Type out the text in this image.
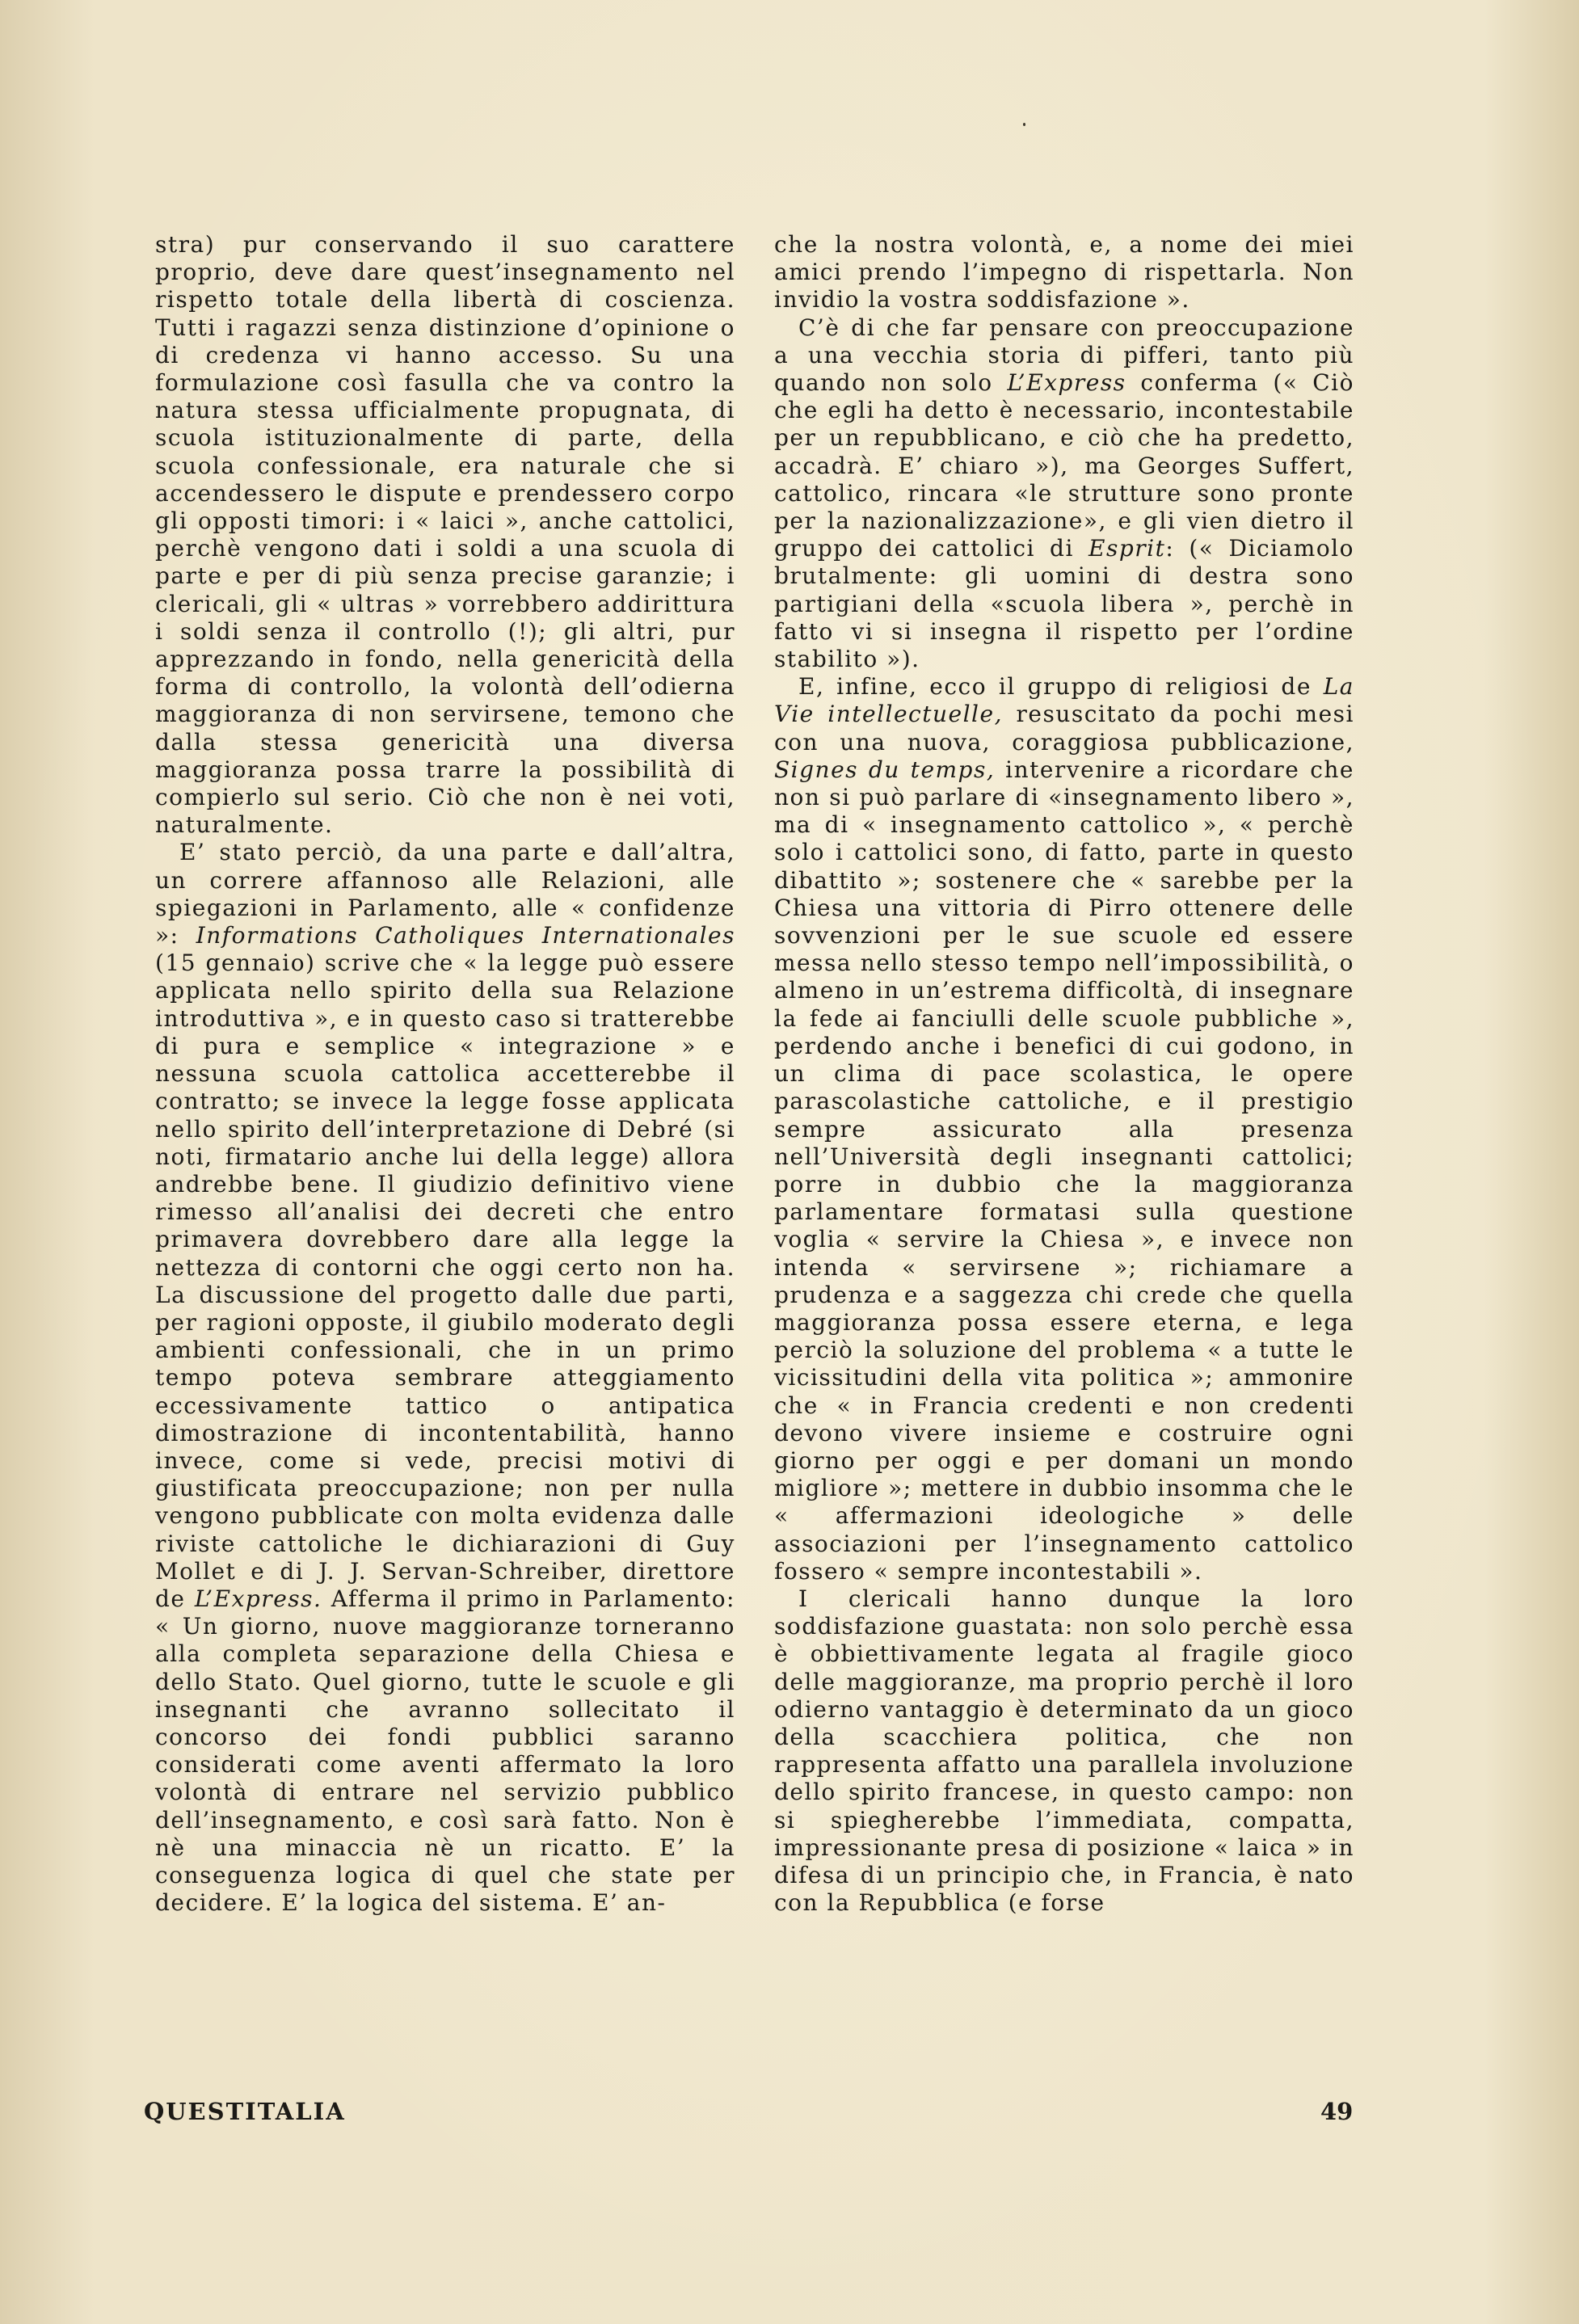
stra) pur conservando il suo carattere proprio, deve dare quest’insegnamento nel rispetto totale della libertà di coscienza. Tutti i ragazzi senza distinzione d’opinione o di credenza vi hanno accesso. Su una formulazione così fasulla che va contro la natura stessa ufficialmente propugnata, di scuola istituzionalmente di parte, della scuola confessionale, era naturale che si accendessero le dispute e prendessero corpo gli opposti timori: i « laici », anche cattolici, perchè vengono dati i soldi a una scuola di parte e per di più senza precise garanzie; i clericali, gli « ultras » vorrebbero addirittura i soldi senza il controllo (!); gli altri, pur apprezzando in fondo, nella genericità della forma di controllo, la volontà dell’odierna maggioranza di non servirsene, temono che dalla stessa genericità una diversa maggioranza possa trarre la possibilità di compierlo sul serio. Ciò che non è nei voti, naturalmente.

E’ stato perciò, da una parte e dall’altra, un correre affannoso alle Relazioni, alle spiegazioni in Parlamento, alle « confidenze »: Informations Catholiques Internationales (15 gennaio) scrive che « la legge può essere applicata nello spirito della sua Relazione introduttiva », e in questo caso si tratterebbe di pura e semplice « integrazione » e nessuna scuola cattolica accetterebbe il contratto; se invece la legge fosse applicata nello spirito dell’interpretazione di Debré (si noti, firmatario anche lui della legge) allora andrebbe bene. Il giudizio definitivo viene rimesso all’analisi dei decreti che entro primavera dovrebbero dare alla legge la nettezza di contorni che oggi certo non ha. La discussione del progetto dalle due parti, per ragioni opposte, il giubilo moderato degli ambienti confessionali, che in un primo tempo poteva sembrare atteggiamento eccessivamente tattico o antipatica dimostrazione di incontentabilità, hanno invece, come si vede, precisi motivi di giustificata preoccupazione; non per nulla vengono pubblicate con molta evidenza dalle riviste cattoliche le dichiarazioni di Guy Mollet e di J. J. Servan-Schreiber, direttore de L’Express. Afferma il primo in Parlamento: « Un giorno, nuove maggioranze torneranno alla completa separazione della Chiesa e dello Stato. Quel giorno, tutte le scuole e gli insegnanti che avranno sollecitato il concorso dei fondi pubblici saranno considerati come aventi affermato la loro volontà di entrare nel servizio pubblico dell’insegnamento, e così sarà fatto. Non è nè una minaccia nè un ricatto. E’ la conseguenza logica di quel che state per decidere. E’ la logica del sistema. E’ an-

che la nostra volontà, e, a nome dei miei amici prendo l’impegno di rispettarla. Non invidio la vostra soddisfazione ».

C’è di che far pensare con preoccupazione a una vecchia storia di pifferi, tanto più quando non solo L’Express conferma (« Ciò che egli ha detto è necessario, incontestabile per un repubblicano, e ciò che ha predetto, accadrà. E’ chiaro »), ma Georges Suffert, cattolico, rincara «le strutture sono pronte per la nazionalizzazione», e gli vien dietro il gruppo dei cattolici di Esprit: (« Diciamolo brutalmente: gli uomini di destra sono partigiani della «scuola libera », perchè in fatto vi si insegna il rispetto per l’ordine stabilito »).

E, infine, ecco il gruppo di religiosi de La Vie intellectuelle, resuscitato da pochi mesi con una nuova, coraggiosa pubblicazione, Signes du temps, intervenire a ricordare che non si può parlare di «insegnamento libero », ma di « insegnamento cattolico », « perchè solo i cattolici sono, di fatto, parte in questo dibattito »; sostenere che « sarebbe per la Chiesa una vittoria di Pirro ottenere delle sovvenzioni per le sue scuole ed essere messa nello stesso tempo nell’impossibilità, o almeno in un’estrema difficoltà, di insegnare la fede ai fanciulli delle scuole pubbliche », perdendo anche i benefici di cui godono, in un clima di pace scolastica, le opere parascolastiche cattoliche, e il prestigio sempre assicurato alla presenza nell’Università degli insegnanti cattolici; porre in dubbio che la maggioranza parlamentare formatasi sulla questione voglia « servire la Chiesa », e invece non intenda « servirsene »; richiamare a prudenza e a saggezza chi crede che quella maggioranza possa essere eterna, e lega perciò la soluzione del problema « a tutte le vicissitudini della vita politica »; ammonire che « in Francia credenti e non credenti devono vivere insieme e costruire ogni giorno per oggi e per domani un mondo migliore »; mettere in dubbio insomma che le « affermazioni ideologiche » delle associazioni per l’insegnamento cattolico fossero « sempre incontestabili ».

I clericali hanno dunque la loro soddisfazione guastata: non solo perchè essa è obbiettivamente legata al fragile gioco delle maggioranze, ma proprio perchè il loro odierno vantaggio è determinato da un gioco della scacchiera politica, che non rappresenta affatto una parallela involuzione dello spirito francese, in questo campo: non si spiegherebbe l’immediata, compatta, impressionante presa di posizione « laica » in difesa di un principio che, in Francia, è nato con la Repubblica (e forse

QUESTITALIA	49
